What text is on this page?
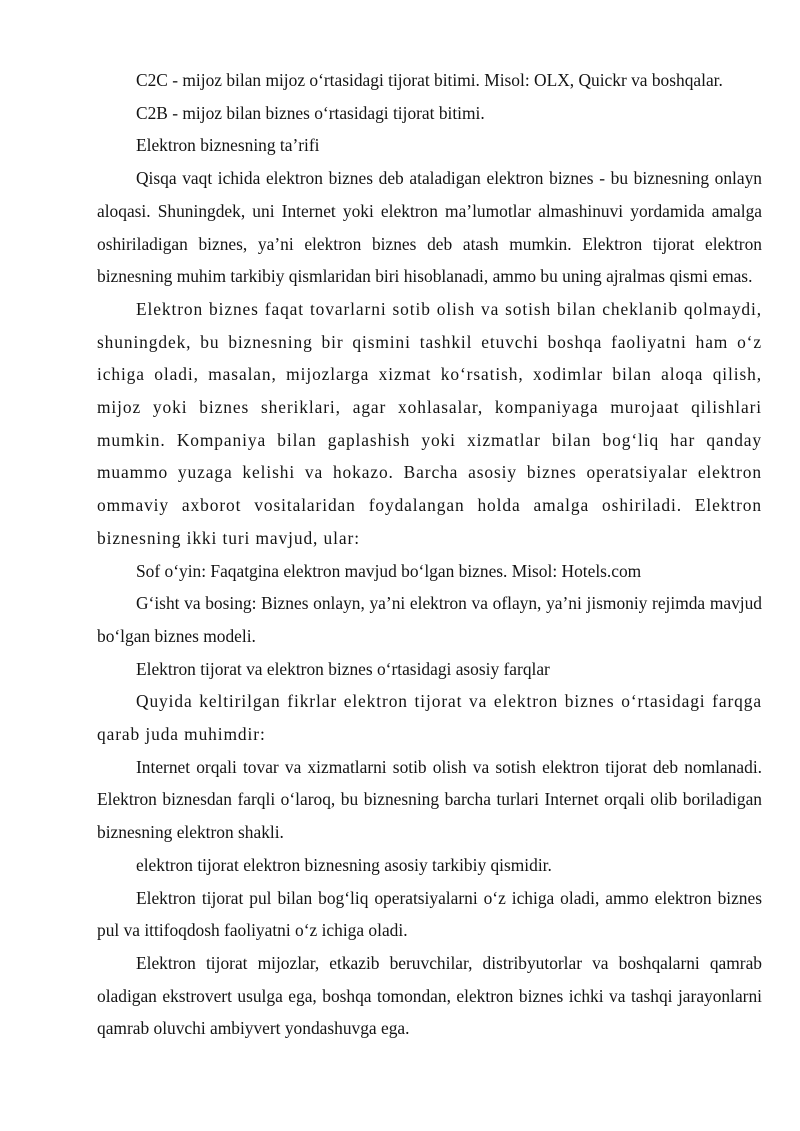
C2C - mijoz bilan mijoz o‘rtasidagi tijorat bitimi. Misol: OLX, Quickr va boshqalar.

C2B - mijoz bilan biznes o‘rtasidagi tijorat bitimi.

Elektron biznesning ta’rifi

Qisqa vaqt ichida elektron biznes deb ataladigan elektron biznes - bu biznesning onlayn aloqasi. Shuningdek, uni Internet yoki elektron ma’lumotlar almashinuvi yordamida amalga oshiriladigan biznes, ya’ni elektron biznes deb atash mumkin. Elektron tijorat elektron biznesning muhim tarkibiy qismlaridan biri hisoblanadi, ammo bu uning ajralmas qismi emas.

Elektron biznes faqat tovarlarni sotib olish va sotish bilan cheklanib qolmaydi, shuningdek, bu biznesning bir qismini tashkil etuvchi boshqa faoliyatni ham o‘z ichiga oladi, masalan, mijozlarga xizmat ko‘rsatish, xodimlar bilan aloqa qilish, mijoz yoki biznes sheriklari, agar xohlasalar, kompaniyaga murojaat qilishlari mumkin. Kompaniya bilan gaplashish yoki xizmatlar bilan bog‘liq har qanday muammo yuzaga kelishi va hokazo. Barcha asosiy biznes operatsiyalar elektron ommaviy axborot vositalaridan foydalangan holda amalga oshiriladi. Elektron biznesning ikki turi mavjud, ular:

Sof o‘yin: Faqatgina elektron mavjud bo‘lgan biznes. Misol: Hotels.com

G‘isht va bosing: Biznes onlayn, ya’ni elektron va oflayn, ya’ni jismoniy rejimda mavjud bo‘lgan biznes modeli.

Elektron tijorat va elektron biznes o‘rtasidagi asosiy farqlar

Quyida keltirilgan fikrlar elektron tijorat va elektron biznes o‘rtasidagi farqga qarab juda muhimdir:

Internet orqali tovar va xizmatlarni sotib olish va sotish elektron tijorat deb nomlanadi. Elektron biznesdan farqli o‘laroq, bu biznesning barcha turlari Internet orqali olib boriladigan biznesning elektron shakli.

elektron tijorat elektron biznesning asosiy tarkibiy qismidir.

Elektron tijorat pul bilan bog‘liq operatsiyalarni o‘z ichiga oladi, ammo elektron biznes pul va ittifoqdosh faoliyatni o‘z ichiga oladi.

Elektron tijorat mijozlar, etkazib beruvchilar, distribyutorlar va boshqalarni qamrab oladigan ekstrovert usulga ega, boshqa tomondan, elektron biznes ichki va tashqi jarayonlarni qamrab oluvchi ambiyvert yondashuvga ega.
